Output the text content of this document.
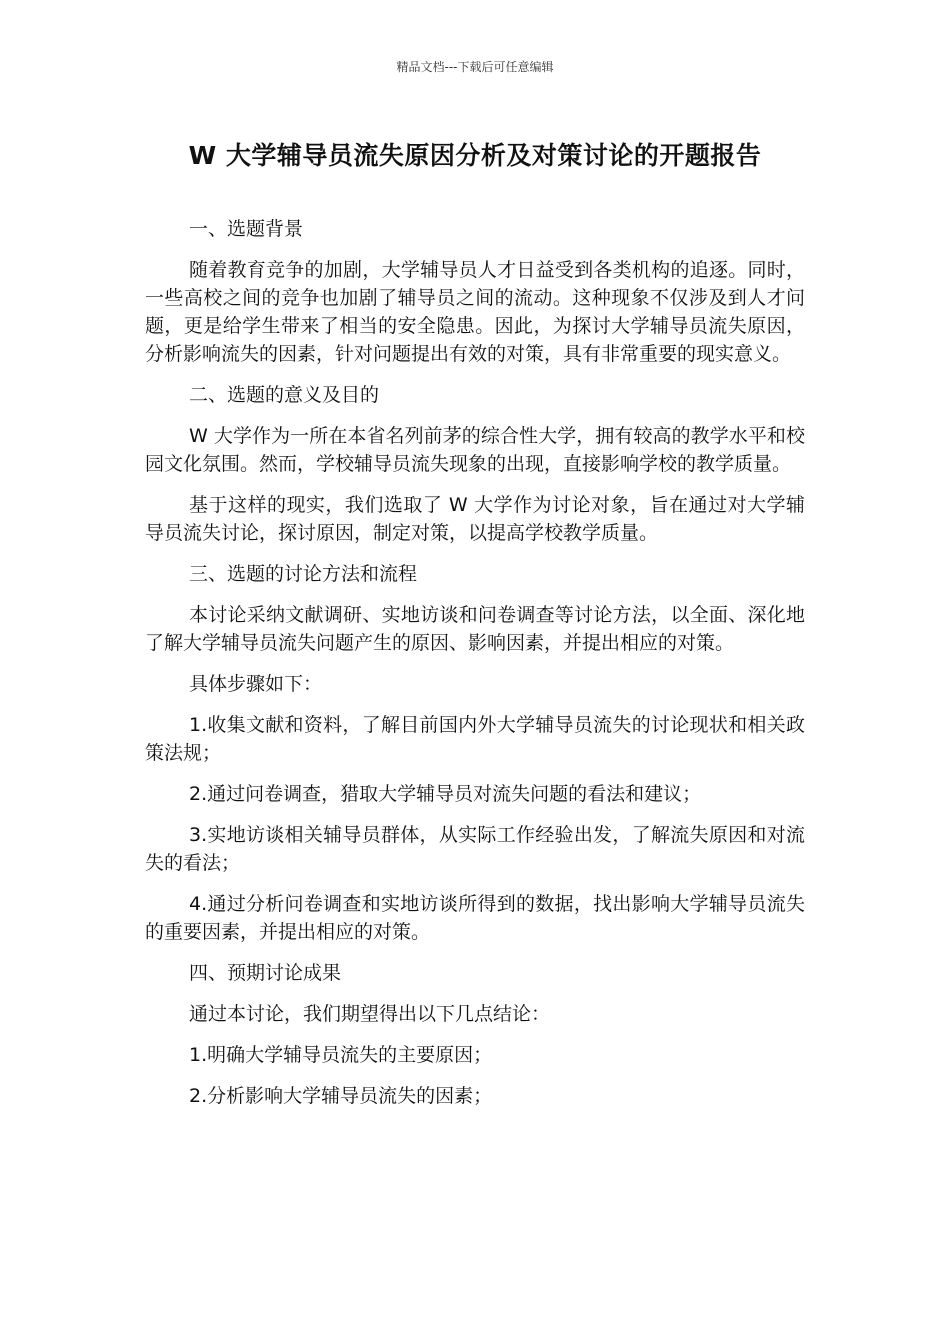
精品文档---下载后可任意编辑
W 大学辅导员流失原因分析及对策讨论的开题报告

一、选题背景

随着教育竞争的加剧，大学辅导员人才日益受到各类机构的追逐。同时，一些高校之间的竞争也加剧了辅导员之间的流动。这种现象不仅涉及到人才问题，更是给学生带来了相当的安全隐患。因此，为探讨大学辅导员流失原因，分析影响流失的因素，针对问题提出有效的对策，具有非常重要的现实意义。

二、选题的意义及目的

W 大学作为一所在本省名列前茅的综合性大学，拥有较高的教学水平和校园文化氛围。然而，学校辅导员流失现象的出现，直接影响学校的教学质量。

基于这样的现实，我们选取了 W 大学作为讨论对象，旨在通过对大学辅导员流失讨论，探讨原因，制定对策，以提高学校教学质量。

三、选题的讨论方法和流程

本讨论采纳文献调研、实地访谈和问卷调查等讨论方法，以全面、深化地了解大学辅导员流失问题产生的原因、影响因素，并提出相应的对策。

具体步骤如下：

1.收集文献和资料，了解目前国内外大学辅导员流失的讨论现状和相关政策法规；

2.通过问卷调查，猎取大学辅导员对流失问题的看法和建议；

3.实地访谈相关辅导员群体，从实际工作经验出发，了解流失原因和对流失的看法；

4.通过分析问卷调查和实地访谈所得到的数据，找出影响大学辅导员流失的重要因素，并提出相应的对策。

四、预期讨论成果

通过本讨论，我们期望得出以下几点结论：

1.明确大学辅导员流失的主要原因；

2.分析影响大学辅导员流失的因素；
